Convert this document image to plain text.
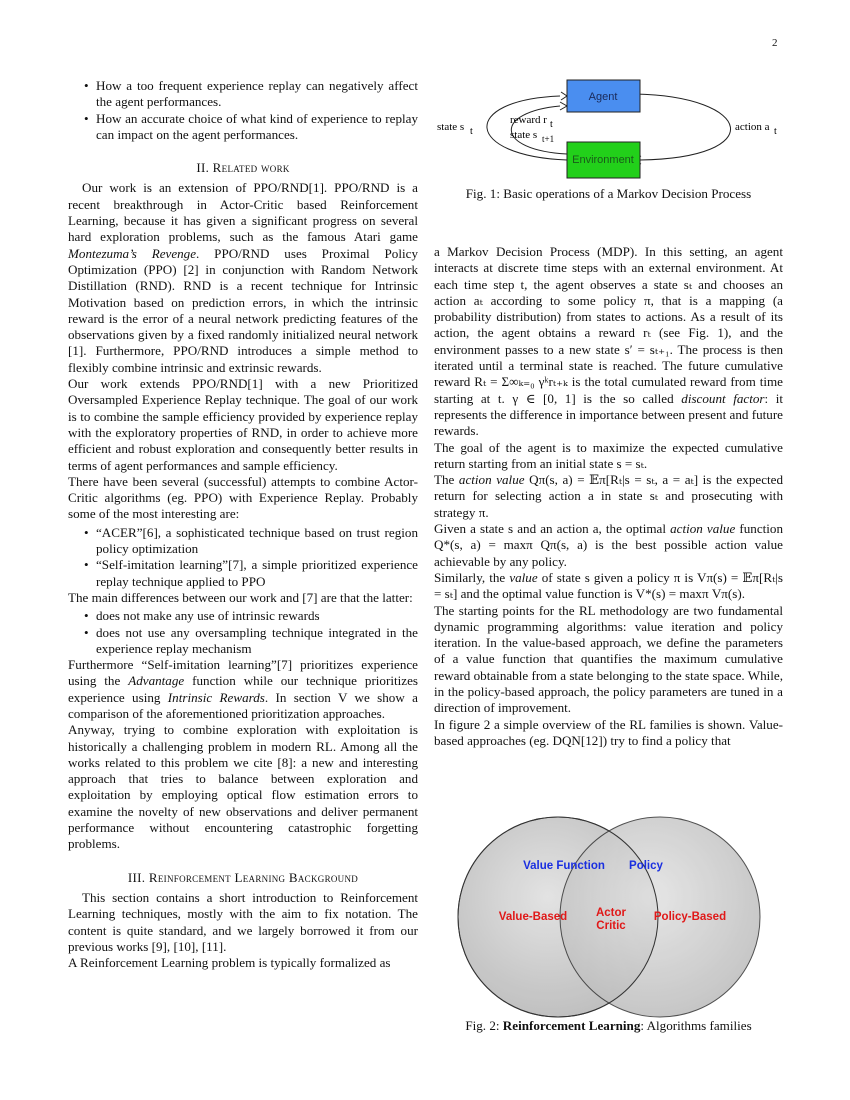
2
• How a too frequent experience replay can negatively affect the agent performances.
• How an accurate choice of what kind of experience to replay can impact on the agent performances.
II. Related work

Our work is an extension of PPO/RND[1]. PPO/RND is a recent breakthrough in Actor-Critic based Reinforcement Learning, because it has given a significant progress on several hard exploration problems, such as the famous Atari game Montezuma’s Revenge. PPO/RND uses Proximal Policy Optimization (PPO) [2] in conjunction with Random Network Distillation (RND). RND is a recent technique for Intrinsic Motivation based on prediction errors, in which the intrinsic reward is the error of a neural network predicting features of the observations given by a fixed randomly initialized neural network [1]. Furthermore, PPO/RND introduces a simple method to flexibly combine intrinsic and extrinsic rewards.

Our work extends PPO/RND[1] with a new Prioritized Oversampled Experience Replay technique. The goal of our work is to combine the sample efficiency provided by experience replay with the exploratory properties of RND, in order to achieve more efficient and robust exploration and consequently better results in terms of agent performances and sample efficiency.

There have been several (successful) attempts to combine Actor-Critic algorithms (eg. PPO) with Experience Replay. Probably some of the most interesting are:

• “ACER”[6], a sophisticated technique based on trust region policy optimization
• “Self-imitation learning”[7], a simple prioritized experience replay technique applied to PPO

The main differences between our work and [7] are that the latter:

• does not make any use of intrinsic rewards
• does not use any oversampling technique integrated in the experience replay mechanism

Furthermore “Self-imitation learning”[7] prioritizes experience using the Advantage function while our technique prioritizes experience using Intrinsic Rewards. In section V we show a comparison of the aforementioned prioritization approaches.

Anyway, trying to combine exploration with exploitation is historically a challenging problem in modern RL. Among all the works related to this problem we cite [8]: a new and interesting approach that tries to balance between exploration and exploitation by employing optical flow estimation errors to examine the novelty of new observations and deliver permanent performance without encountering catastrophic forgetting problems.

III. Reinforcement Learning Background

This section contains a short introduction to Reinforcement Learning techniques, mostly with the aim to fix notation. The content is quite standard, and we largely borrowed it from our previous works [9], [10], [11].

A Reinforcement Learning problem is typically formalized as

Agent
Environment
state s t	action a t
reward r t
state s t+1
Fig. 1: Basic operations of a Markov Decision Process

a Markov Decision Process (MDP). In this setting, an agent interacts at discrete time steps with an external environment. At each time step t, the agent observes a state sₜ and chooses an action aₜ according to some policy π, that is a mapping (a probability distribution) from states to actions. As a result of its action, the agent obtains a reward rₜ (see Fig. 1), and the environment passes to a new state s′ = sₜ₊₁. The process is then iterated until a terminal state is reached. The future cumulative reward Rₜ = Σ∞ₖ₌₀ γᵏrₜ₊ₖ is the total cumulated reward from time starting at t. γ ∈ [0, 1] is the so called discount factor: it represents the difference in importance between present and future rewards.

The goal of the agent is to maximize the expected cumulative return starting from an initial state s = sₜ.

The action value Qπ(s, a) = 𝔼π[Rₜ|s = sₜ, a = aₜ] is the expected return for selecting action a in state sₜ and prosecuting with strategy π.

Given a state s and an action a, the optimal action value function Q*(s, a) = maxπ Qπ(s, a) is the best possible action value achievable by any policy.

Similarly, the value of state s given a policy π is Vπ(s) = 𝔼π[Rₜ|s = sₜ] and the optimal value function is V*(s) = maxπ Vπ(s).

The starting points for the RL methodology are two fundamental dynamic programming algorithms: value iteration and policy iteration. In the value-based approach, we define the parameters of a value function that quantifies the maximum cumulative reward obtainable from a state belonging to the state space. While, in the policy-based approach, the policy parameters are tuned in a direction of improvement.

In figure 2 a simple overview of the RL families is shown. Value-based approaches (eg. DQN[12]) try to find a policy that

Value Function Policy
Value-Based	Actor
Critic
Policy-Based
Fig. 2: Reinforcement Learning: Algorithms families
